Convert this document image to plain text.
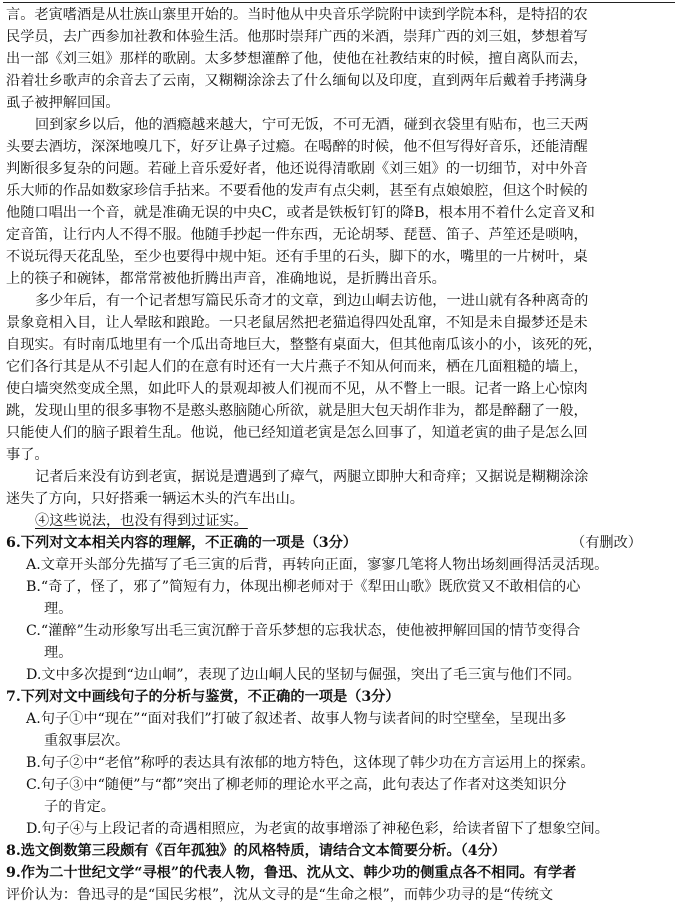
言。老寅嗜酒是从壮族山寨里开始的。当时他从中央音乐学院附中读到学院本科，是特招的农
民学员，去广西参加社教和体验生活。他那时崇拜广西的米酒，崇拜广西的刘三姐，梦想着写
出一部《刘三姐》那样的歌剧。太多梦想灌醉了他，使他在社教结束的时候，擅自离队而去，
沿着壮乡歌声的余音去了云南，又糊糊涂涂去了什么缅甸以及印度，直到两年后戴着手拷满身
虱子被押解回国。
回到家乡以后，他的酒瘾越来越大，宁可无饭，不可无酒，碰到衣袋里有贴布，也三天两
头要去酒坊，深深地嗅几下，好歹让鼻子过瘾。在喝醉的时候，他不但写得好音乐，还能清醒
判断很多复杂的问题。若碰上音乐爱好者，他还说得清歌剧《刘三姐》的一切细节，对中外音
乐大师的作品如数家珍信手拈来。不要看他的发声有点尖刺，甚至有点娘娘腔，但这个时候的
他随口唱出一个音，就是准确无误的中央C，或者是铁板钉钉的降B，根本用不着什么定音叉和
定音笛，让行内人不得不服。他随手抄起一件东西，无论胡琴、琵琶、笛子、芦笙还是唢呐，
不说玩得天花乱坠，至少也要得中规中矩。还有手里的石头，脚下的水，嘴里的一片树叶，桌
上的筷子和碗钵，都常常被他折腾出声音，准确地说，是折腾出音乐。
多少年后，有一个记者想写篇民乐奇才的文章，到边山峒去访他，一进山就有各种离奇的
景象竟相入目，让人晕眩和踉跄。一只老鼠居然把老猫追得四处乱窜，不知是未自撮梦还是未
自现实。有时南瓜地里有一个瓜出奇地巨大，整整有桌面大，但其他南瓜该小的小，该死的死，
它们各行其是从不引起人们的在意有时还有一大片燕子不知从何而来，栖在几面粗糙的墙上，
使白墙突然变成全黑，如此吓人的景观却被人们视而不见，从不瞥上一眼。记者一路上心惊肉
跳，发现山里的很多事物不是憨头憨脑随心所欲，就是胆大包天胡作非为，都是醉翻了一般，
只能使人们的脑子跟着生乱。他说，他已经知道老寅是怎么回事了，知道老寅的曲子是怎么回
事了。
记者后来没有访到老寅，据说是遭遇到了瘴气，两腿立即肿大和奇痒；又据说是糊糊涂涂
迷失了方向，只好搭乘一辆运木头的汽车出山。
④这些说法，也没有得到过证实。
（有删改）
6.下列对文本相关内容的理解，不正确的一项是（3分）
A.文章开头部分先描写了毛三寅的后背，再转向正面，寥寥几笔将人物出场刻画得活灵活现。
B.“奇了，怪了，邪了”简短有力，体现出柳老师对于《犁田山歌》既欣赏又不敢相信的心
理。
C.“灌醉”生动形象写出毛三寅沉醉于音乐梦想的忘我状态，使他被押解回国的情节变得合
理。
D.文中多次提到“边山峒”，表现了边山峒人民的坚韧与倔强，突出了毛三寅与他们不同。
7.下列对文中画线句子的分析与鉴赏，不正确的一项是（3分）
A.句子①中“现在”“面对我们”打破了叙述者、故事人物与读者间的时空壁垒，呈现出多
重叙事层次。
B.句子②中“老倌”称呼的表达具有浓郁的地方特色，这体现了韩少功在方言运用上的探索。
C.句子③中“随便”与“都”突出了柳老师的理论水平之高，此句表达了作者对这类知识分
子的肯定。
D.句子④与上段记者的奇遇相照应，为老寅的故事增添了神秘色彩，给读者留下了想象空间。
8.选文倒数第三段颇有《百年孤独》的风格特质，请结合文本简要分析。（4分）
9.作为二十世纪文学“寻根”的代表人物，鲁迅、沈从文、韩少功的侧重点各不相同。有学者
评价认为：鲁迅寻的是“国民劣根”，沈从文寻的是“生命之根”，而韩少功寻的是“传统文
